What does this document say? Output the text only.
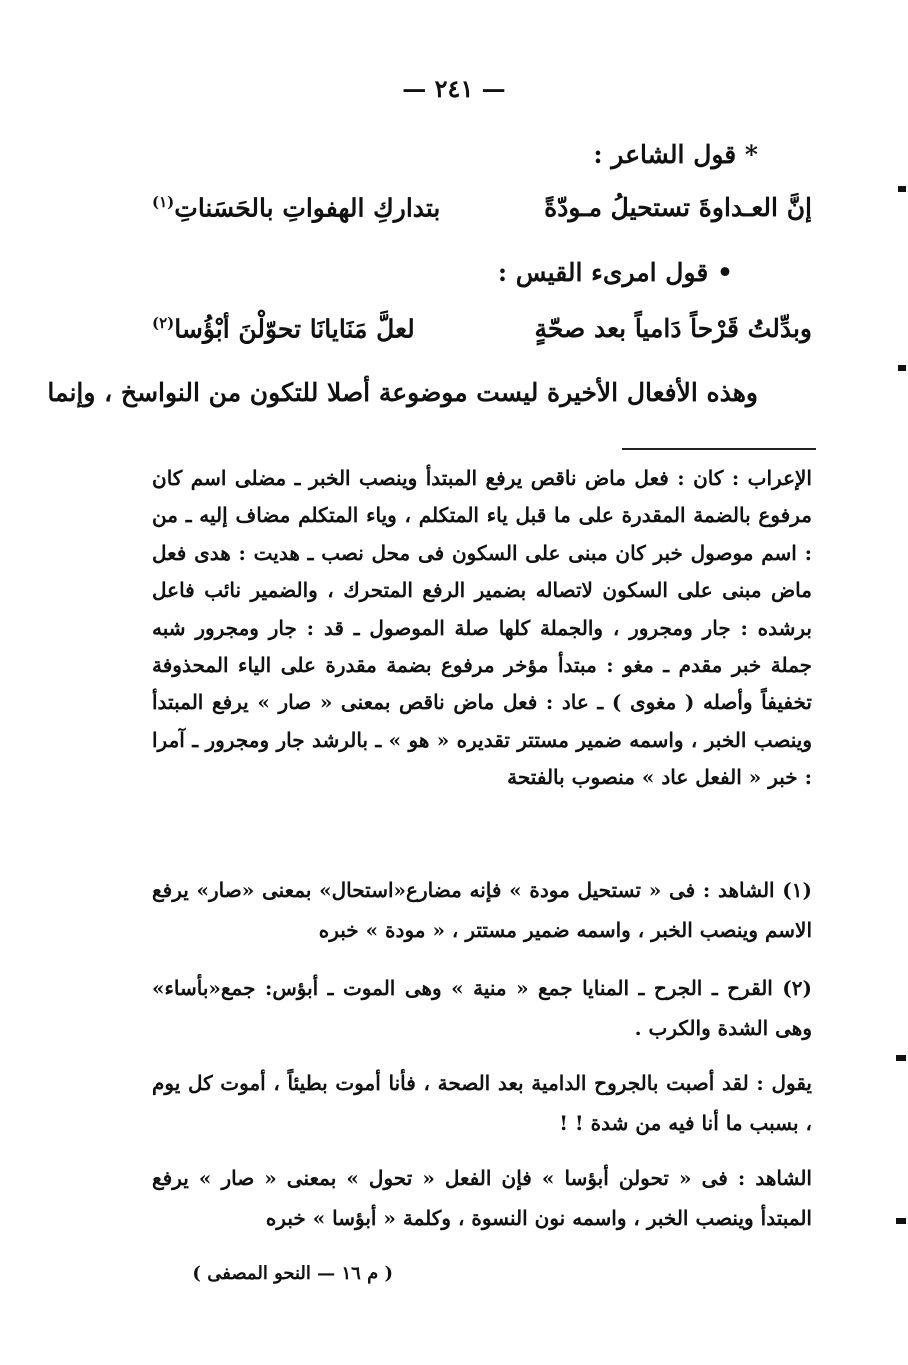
— ٢٤١ —
* قول الشاعر :
إنَّ العـداوةَ تستحيلُ مـودّةً
بتداركِ الهفواتِ بالحَسَناتِ$^{(١)}$
• قول امرىء القيس :
وبدِّلتُ قَرْحاً دَامياً بعد صحّةٍ
لعلَّ مَنَايانَا تحوّلْنَ أبْؤُسا$^{(٢)}$
وهذه الأفعال الأخيرة ليست موضوعة أصلا للتكون من النواسخ ، وإنما
الإعراب : كان : فعل ماض ناقص يرفع المبتدأ وينصب الخبر ـ مضلى اسم كان مرفوع بالضمة المقدرة على ما قبل ياء المتكلم ، وياء المتكلم مضاف إليه ـ من : اسم موصول خبر كان مبنى على السكون فى محل نصب ـ هديت : هدى فعل ماض مبنى على السكون لاتصاله بضمير الرفع المتحرك ، والضمير نائب فاعل برشده : جار ومجرور ، والجملة كلها صلة الموصول ـ قد : جار ومجرور شبه جملة خبر مقدم ـ مغو : مبتدأ مؤخر مرفوع بضمة مقدرة على الياء المحذوفة تخفيفاً وأصله ( مغوى ) ـ عاد : فعل ماض ناقص بمعنى « صار » يرفع المبتدأ وينصب الخبر ، واسمه ضمير مستتر تقديره « هو » ـ بالرشد جار ومجرور ـ آمرا : خبر « الفعل عاد » منصوب بالفتحة
(١) الشاهد : فى « تستحيل مودة » فإنه مضارع«استحال» بمعنى «صار» يرفع الاسم وينصب الخبر ، واسمه ضمير مستتر ، « مودة » خبره
(٢) القرح ـ الجرح ـ المنايا جمع « منية » وهى الموت ـ أبؤس: جمع«بأساء» وهى الشدة والكرب .
يقول : لقد أصبت بالجروح الدامية بعد الصحة ، فأنا أموت بطيئاً ، أموت كل يوم ، بسبب ما أنا فيه من شدة ! !
الشاهد : فى « تحولن أبؤسا » فإن الفعل « تحول » بمعنى « صار » يرفع المبتدأ وينصب الخبر ، واسمه نون النسوة ، وكلمة « أبؤسا » خبره
( م ١٦ — النحو المصفى )
